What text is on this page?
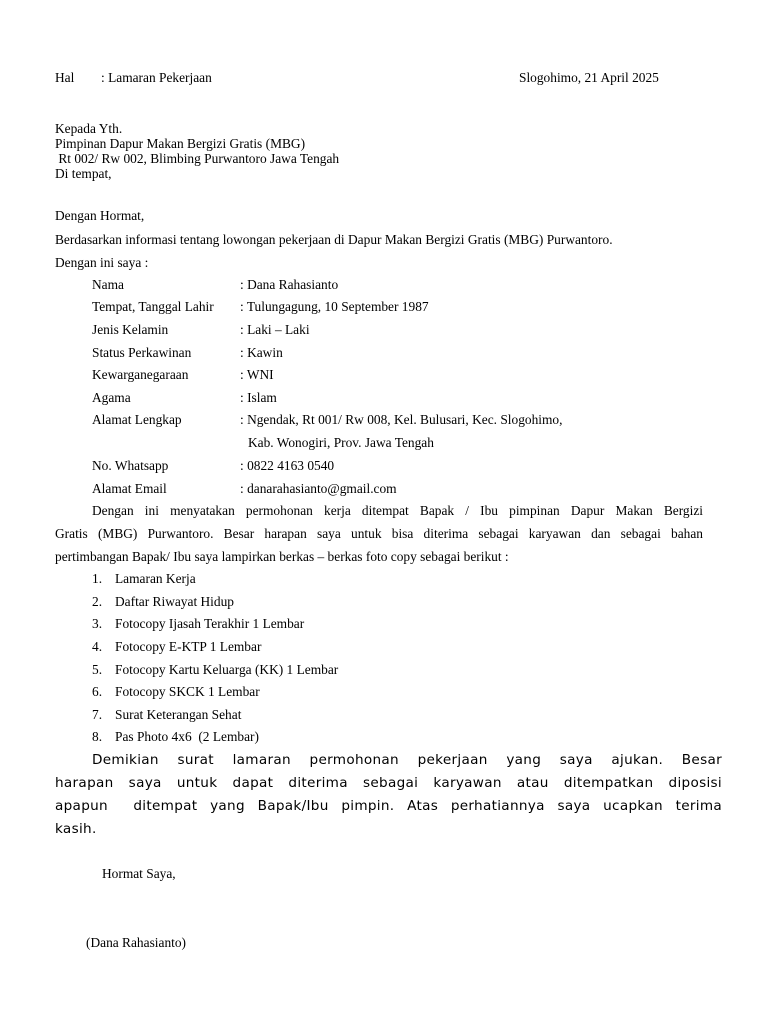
Hal : Lamaran Pekerjaan	Slogohimo, 21 April 2025
Kepada Yth.
Pimpinan Dapur Makan Bergizi Gratis (MBG)
Rt 002/ Rw 002, Blimbing Purwantoro Jawa Tengah
Di tempat,
Dengan Hormat,
Berdasarkan informasi tentang lowongan pekerjaan di Dapur Makan Bergizi Gratis (MBG) Purwantoro.
Dengan ini saya :
Nama	: Dana Rahasianto
Tempat, Tanggal Lahir : Tulungagung, 10 September 1987
Jenis Kelamin	: Laki – Laki
Status Perkawinan	: Kawin
Kewarganegaraan	: WNI
Agama	: Islam
Alamat Lengkap	: Ngendak, Rt 001/ Rw 008, Kel. Bulusari, Kec. Slogohimo,
Kab. Wonogiri, Prov. Jawa Tengah
No. Whatsapp	: 0822 4163 0540
Alamat Email	: danarahasianto@gmail.com
Dengan ini menyatakan permohonan kerja ditempat Bapak / Ibu pimpinan Dapur Makan Bergizi
Gratis (MBG) Purwantoro. Besar harapan saya untuk bisa diterima sebagai karyawan dan sebagai bahan
pertimbangan Bapak/ Ibu saya lampirkan berkas – berkas foto copy sebagai berikut :
1. Lamaran Kerja
2. Daftar Riwayat Hidup
3. Fotocopy Ijasah Terakhir 1 Lembar
4. Fotocopy E-KTP 1 Lembar
5. Fotocopy Kartu Keluarga (KK) 1 Lembar
6. Fotocopy SKCK 1 Lembar
7. Surat Keterangan Sehat
8. Pas Photo 4x6  (2 Lembar)
Demikian surat lamaran permohonan pekerjaan yang saya ajukan. Besar
harapan saya untuk dapat diterima sebagai karyawan atau ditempatkan diposisi
apapun  ditempat yang Bapak/Ibu pimpin. Atas perhatiannya saya ucapkan terima
kasih.
Hormat Saya,
(Dana Rahasianto)
